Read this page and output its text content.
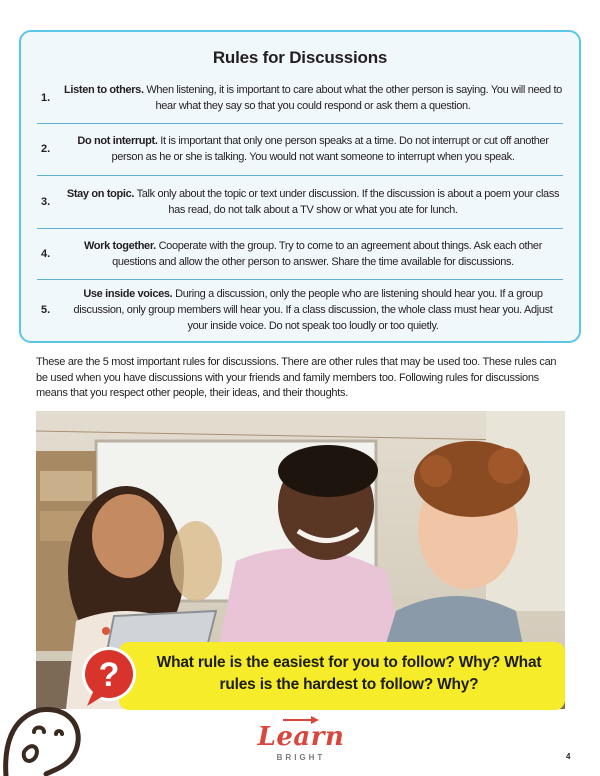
Rules for Discussions
1.
Listen to others. When listening, it is important to care about what the other person is saying. You will need to hear what they say so that you could respond or ask them a question.
2.
Do not interrupt. It is important that only one person speaks at a time. Do not interrupt or cut off another person as he or she is talking. You would not want someone to interrupt when you speak.
3.
Stay on topic. Talk only about the topic or text under discussion. If the discussion is about a poem your class has read, do not talk about a TV show or what you ate for lunch.
4.
Work together. Cooperate with the group. Try to come to an agreement about things. Ask each other questions and allow the other person to answer. Share the time available for discussions.
5.
Use inside voices. During a discussion, only the people who are listening should hear you. If a group discussion, only group members will hear you. If a class discussion, the whole class must hear you. Adjust your inside voice. Do not speak too loudly or too quietly.

These are the 5 most important rules for discussions. There are other rules that may be used too. These rules can be used when you have discussions with your friends and family members too. Following rules for discussions means that you respect other people, their ideas, and their thoughts.

What rule is the easiest for you to follow? Why? What rules is the hardest to follow? Why?
?
Learn
BRIGHT	4
